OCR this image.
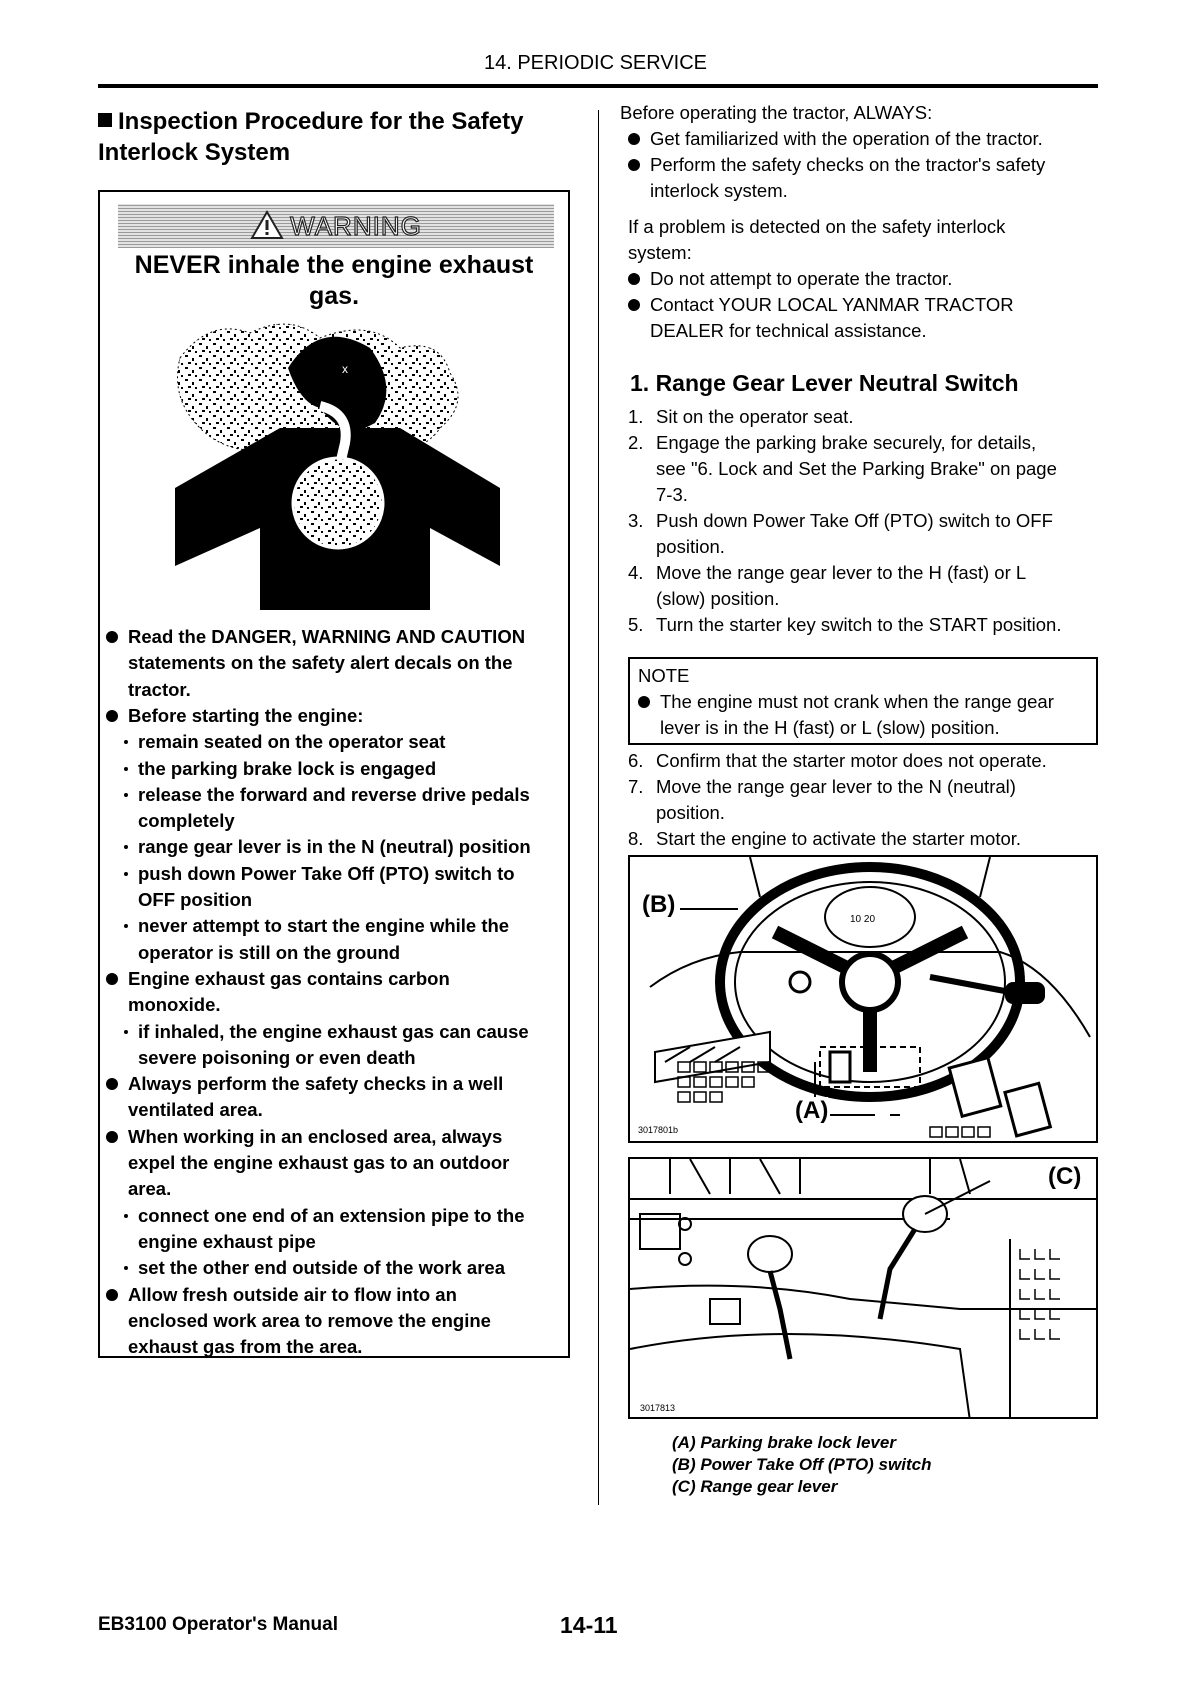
14. PERIODIC SERVICE
Inspection Procedure for the Safety Interlock System
WARNING
NEVER inhale the engine exhaust
gas.
x
Read the DANGER, WARNING AND CAUTION
statements on the safety alert decals on the
tractor.
Before starting the engine:
remain seated on the operator seat
the parking brake lock is engaged
release the forward and reverse drive pedals
completely
range gear lever is in the N (neutral) position
push down Power Take Off (PTO) switch to
OFF position
never attempt to start the engine while the
operator is still on the ground
Engine exhaust gas contains carbon
monoxide.
if inhaled, the engine exhaust gas can cause
severe poisoning or even death
Always perform the safety checks in a well
ventilated area.
When working in an enclosed area, always
expel the engine exhaust gas to an outdoor
area.
connect one end of an extension pipe to the
engine exhaust pipe
set the other end outside of the work area
Allow fresh outside air to flow into an
enclosed work area to remove the engine
exhaust gas from the area.
Before operating the tractor, ALWAYS:
1. Range Gear Lever Neutral Switch
NOTE
The engine must not crank when the range gear
lever is in the H (fast) or L (slow) position.
10 20
(B)
(A)
3017801b
(C)
3017813
(A) Parking brake lock lever
(B) Power Take Off (PTO) switch
(C) Range gear lever
EB3100 Operator's Manual	14-11
Get familiarized with the operation of the tractor.
Perform the safety checks on the tractor's safety
interlock system.
If a problem is detected on the safety interlock
system:
Do not attempt to operate the tractor.
Contact YOUR LOCAL YANMAR TRACTOR
DEALER for technical assistance.
1. Sit on the operator seat.
2. Engage the parking brake securely, for details,
see "6. Lock and Set the Parking Brake" on page
7-3.
3. Push down Power Take Off (PTO) switch to OFF
position.
4. Move the range gear lever to the H (fast) or L
(slow) position.
5. Turn the starter key switch to the START position.
6. Confirm that the starter motor does not operate.
7. Move the range gear lever to the N (neutral)
position.
8. Start the engine to activate the starter motor.
